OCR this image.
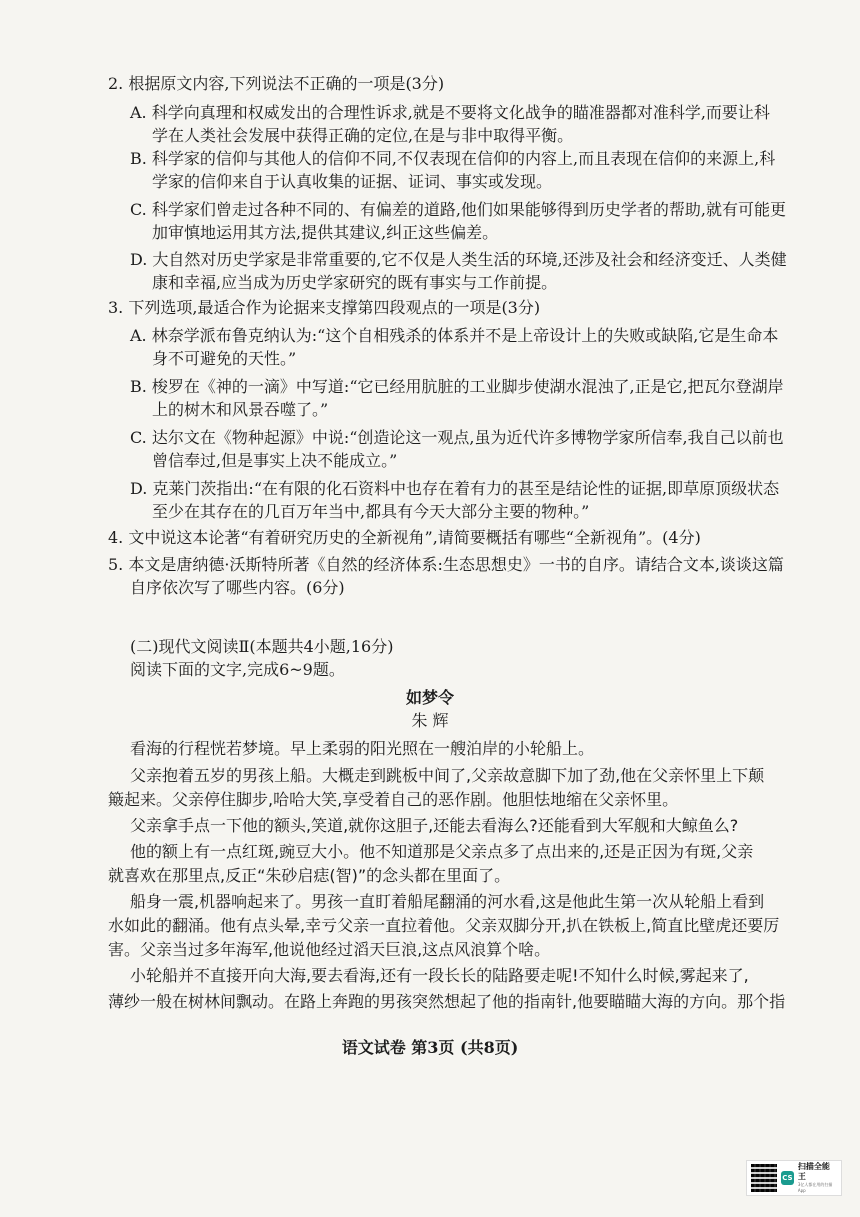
2. 根据原文内容,下列说法不正确的一项是(3分)
A. 科学向真理和权威发出的合理性诉求,就是不要将文化战争的瞄准器都对准科学,而要让科
学在人类社会发展中获得正确的定位,在是与非中取得平衡。
B. 科学家的信仰与其他人的信仰不同,不仅表现在信仰的内容上,而且表现在信仰的来源上,科
学家的信仰来自于认真收集的证据、证词、事实或发现。
C. 科学家们曾走过各种不同的、有偏差的道路,他们如果能够得到历史学者的帮助,就有可能更
加审慎地运用其方法,提供其建议,纠正这些偏差。
D. 大自然对历史学家是非常重要的,它不仅是人类生活的环境,还涉及社会和经济变迁、人类健
康和幸福,应当成为历史学家研究的既有事实与工作前提。
3. 下列选项,最适合作为论据来支撑第四段观点的一项是(3分)
A. 林奈学派布鲁克纳认为:“这个自相残杀的体系并不是上帝设计上的失败或缺陷,它是生命本
身不可避免的天性。”
B. 梭罗在《神的一滴》中写道:“它已经用肮脏的工业脚步使湖水混浊了,正是它,把瓦尔登湖岸
上的树木和风景吞噬了。”
C. 达尔文在《物种起源》中说:“创造论这一观点,虽为近代许多博物学家所信奉,我自己以前也
曾信奉过,但是事实上决不能成立。”
D. 克莱门茨指出:“在有限的化石资料中也存在着有力的甚至是结论性的证据,即草原顶级状态
至少在其存在的几百万年当中,都具有今天大部分主要的物种。”
4. 文中说这本论著“有着研究历史的全新视角”,请简要概括有哪些“全新视角”。(4分)
5. 本文是唐纳德·沃斯特所著《自然的经济体系:生态思想史》一书的自序。请结合文本,谈谈这篇
自序依次写了哪些内容。(6分)
(二)现代文阅读Ⅱ(本题共4小题,16分)
阅读下面的文字,完成6~9题。
如梦令
朱 辉
看海的行程恍若梦境。早上柔弱的阳光照在一艘泊岸的小轮船上。
父亲抱着五岁的男孩上船。大概走到跳板中间了,父亲故意脚下加了劲,他在父亲怀里上下颠
簸起来。父亲停住脚步,哈哈大笑,享受着自己的恶作剧。他胆怯地缩在父亲怀里。
父亲拿手点一下他的额头,笑道,就你这胆子,还能去看海么?还能看到大军舰和大鲸鱼么?
他的额上有一点红斑,豌豆大小。他不知道那是父亲点多了点出来的,还是正因为有斑,父亲
就喜欢在那里点,反正“朱砂启痣(智)”的念头都在里面了。
船身一震,机器响起来了。男孩一直盯着船尾翻涌的河水看,这是他此生第一次从轮船上看到
水如此的翻涌。他有点头晕,幸亏父亲一直拉着他。父亲双脚分开,扒在铁板上,简直比壁虎还要厉
害。父亲当过多年海军,他说他经过滔天巨浪,这点风浪算个啥。
小轮船并不直接开向大海,要去看海,还有一段长长的陆路要走呢!不知什么时候,雾起来了,
薄纱一般在树林间飘动。在路上奔跑的男孩突然想起了他的指南针,他要瞄瞄大海的方向。那个指
语文试卷 第3页 (共8页)
CS
扫描全能王
3亿人都在用的扫描App
